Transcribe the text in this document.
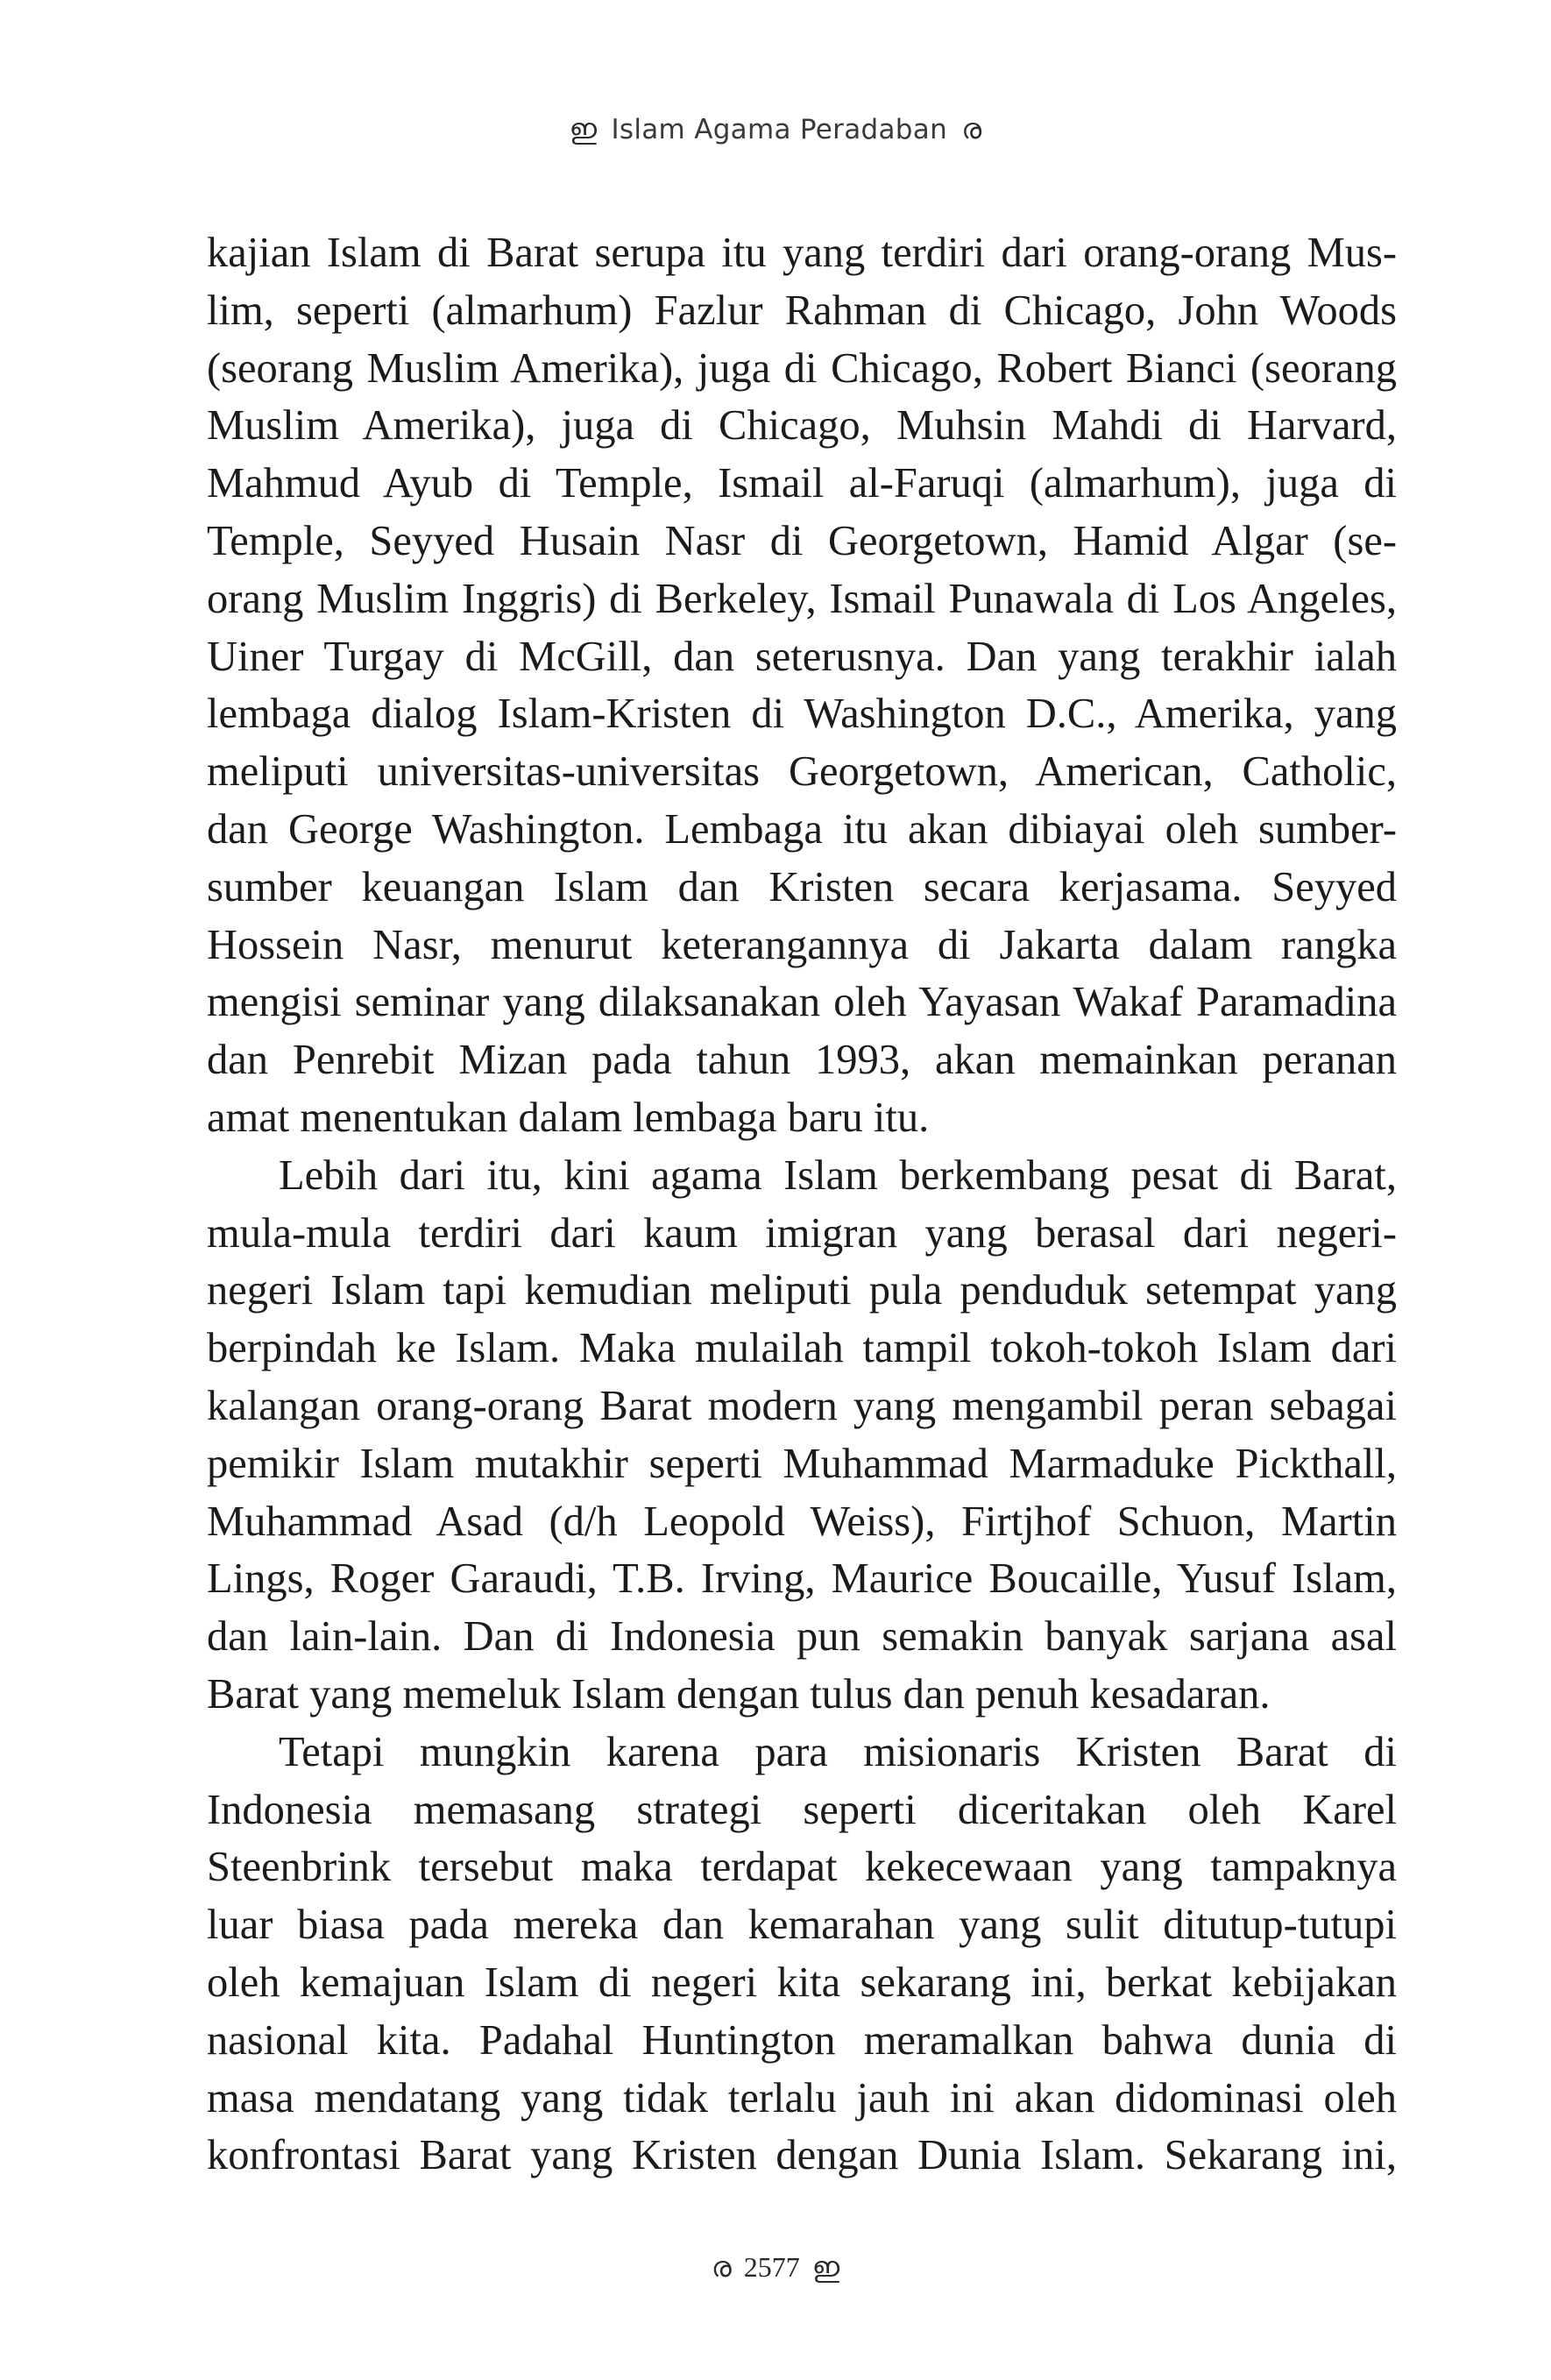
ഇ Islam Agama Peradaban ര
kajian Islam di Barat serupa itu yang terdiri dari orang-orang Mus-
lim, seperti (almarhum) Fazlur Rahman di Chicago, John Woods
(seorang Muslim Amerika), juga di Chicago, Robert Bianci (seorang
Muslim Amerika), juga di Chicago, Muhsin Mahdi di Harvard,
Mahmud Ayub di Temple, Ismail al-Faruqi (almarhum), juga di
Temple, Seyyed Husain Nasr di Georgetown, Hamid Algar (se-
orang Muslim Inggris) di Berkeley, Ismail Punawala di Los Angeles,
Uiner Turgay di McGill, dan seterusnya. Dan yang terakhir ialah
lembaga dialog Islam-Kristen di Washington D.C., Amerika, yang
meliputi universitas-universitas Georgetown, American, Catholic,
dan George Washington. Lembaga itu akan dibiayai oleh sumber-
sumber keuangan Islam dan Kristen secara kerjasama. Seyyed
Hossein Nasr, menurut keterangannya di Jakarta dalam rangka
mengisi seminar yang dilaksanakan oleh Yayasan Wakaf Paramadina
dan Penrebit Mizan pada tahun 1993, akan memainkan peranan
amat menentukan dalam lembaga baru itu.
Lebih dari itu, kini agama Islam berkembang pesat di Barat,
mula-mula terdiri dari kaum imigran yang berasal dari negeri-
negeri Islam tapi kemudian meliputi pula penduduk setempat yang
berpindah ke Islam. Maka mulailah tampil tokoh-tokoh Islam dari
kalangan orang-orang Barat modern yang mengambil peran sebagai
pemikir Islam mutakhir seperti Muhammad Marmaduke Pickthall,
Muhammad Asad (d/h Leopold Weiss), Firtjhof Schuon, Martin
Lings, Roger Garaudi, T.B. Irving, Maurice Boucaille, Yusuf Islam,
dan lain-lain. Dan di Indonesia pun semakin banyak sarjana asal
Barat yang memeluk Islam dengan tulus dan penuh kesadaran.
Tetapi mungkin karena para misionaris Kristen Barat di
Indonesia memasang strategi seperti diceritakan oleh Karel
Steenbrink tersebut maka terdapat kekecewaan yang tampaknya
luar biasa pada mereka dan kemarahan yang sulit ditutup-tutupi
oleh kemajuan Islam di negeri kita sekarang ini, berkat kebijakan
nasional kita. Padahal Huntington meramalkan bahwa dunia di
masa mendatang yang tidak terlalu jauh ini akan didominasi oleh
konfrontasi Barat yang Kristen dengan Dunia Islam. Sekarang ini,
ര 2577 ഇ
